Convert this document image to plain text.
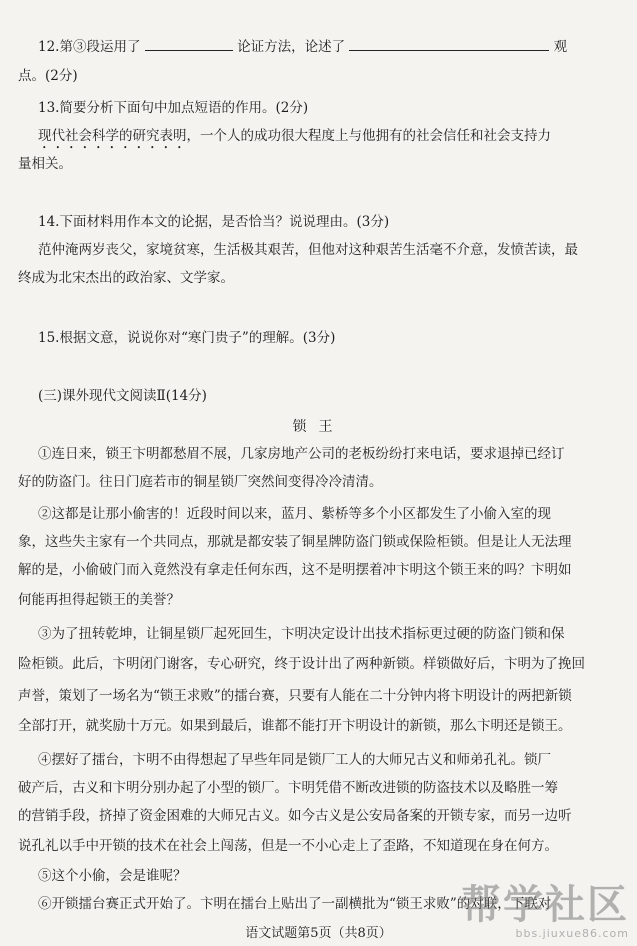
12.第③段运用了	论证方法，论述了	观
点。(2分)
13.简要分析下面句中加点短语的作用。(2分)
现代社会科学的研究表明，一个人的成功很大程度上与他拥有的社会信任和社会支持力
量相关。
14.下面材料用作本文的论据，是否恰当？说说理由。(3分)
范仲淹两岁丧父，家境贫寒，生活极其艰苦，但他对这种艰苦生活毫不介意，发愤苦读，最
终成为北宋杰出的政治家、文学家。
15.根据文意，说说你对“寒门贵子”的理解。(3分)
(三)课外现代文阅读Ⅱ(14分)
锁王
①连日来，锁王卞明都愁眉不展，几家房地产公司的老板纷纷打来电话，要求退掉已经订
好的防盗门。往日门庭若市的铜星锁厂突然间变得冷冷清清。
②这都是让那小偷害的！近段时间以来，蓝月、紫桥等多个小区都发生了小偷入室的现
象，这些失主家有一个共同点，那就是都安装了铜星牌防盗门锁或保险柜锁。但是让人无法理
解的是，小偷破门而入竟然没有拿走任何东西，这不是明摆着冲卞明这个锁王来的吗？卞明如
何能再担得起锁王的美誉？
③为了扭转乾坤，让铜星锁厂起死回生，卞明决定设计出技术指标更过硬的防盗门锁和保
险柜锁。此后，卞明闭门谢客，专心研究，终于设计出了两种新锁。样锁做好后，卞明为了挽回
声誉，策划了一场名为“锁王求败”的擂台赛，只要有人能在二十分钟内将卞明设计的两把新锁
全部打开，就奖励十万元。如果到最后，谁都不能打开卞明设计的新锁，那么卞明还是锁王。
④摆好了擂台，卞明不由得想起了早些年同是锁厂工人的大师兄古义和师弟孔礼。锁厂
破产后，古义和卞明分别办起了小型的锁厂。卞明凭借不断改进锁的防盗技术以及略胜一筹
的营销手段，挤掉了资金困难的大师兄古义。如今古义是公安局备案的开锁专家，而另一边听
说孔礼以手中开锁的技术在社会上闯荡，但是一不小心走上了歪路，不知道现在身在何方。
⑤这个小偷，会是谁呢？
⑥开锁擂台赛正式开始了。卞明在擂台上贴出了一副横批为“锁王求败”的对联，下联对
语文试题第5页（共8页）
帮学社区
bbs.jiuxue86.com
